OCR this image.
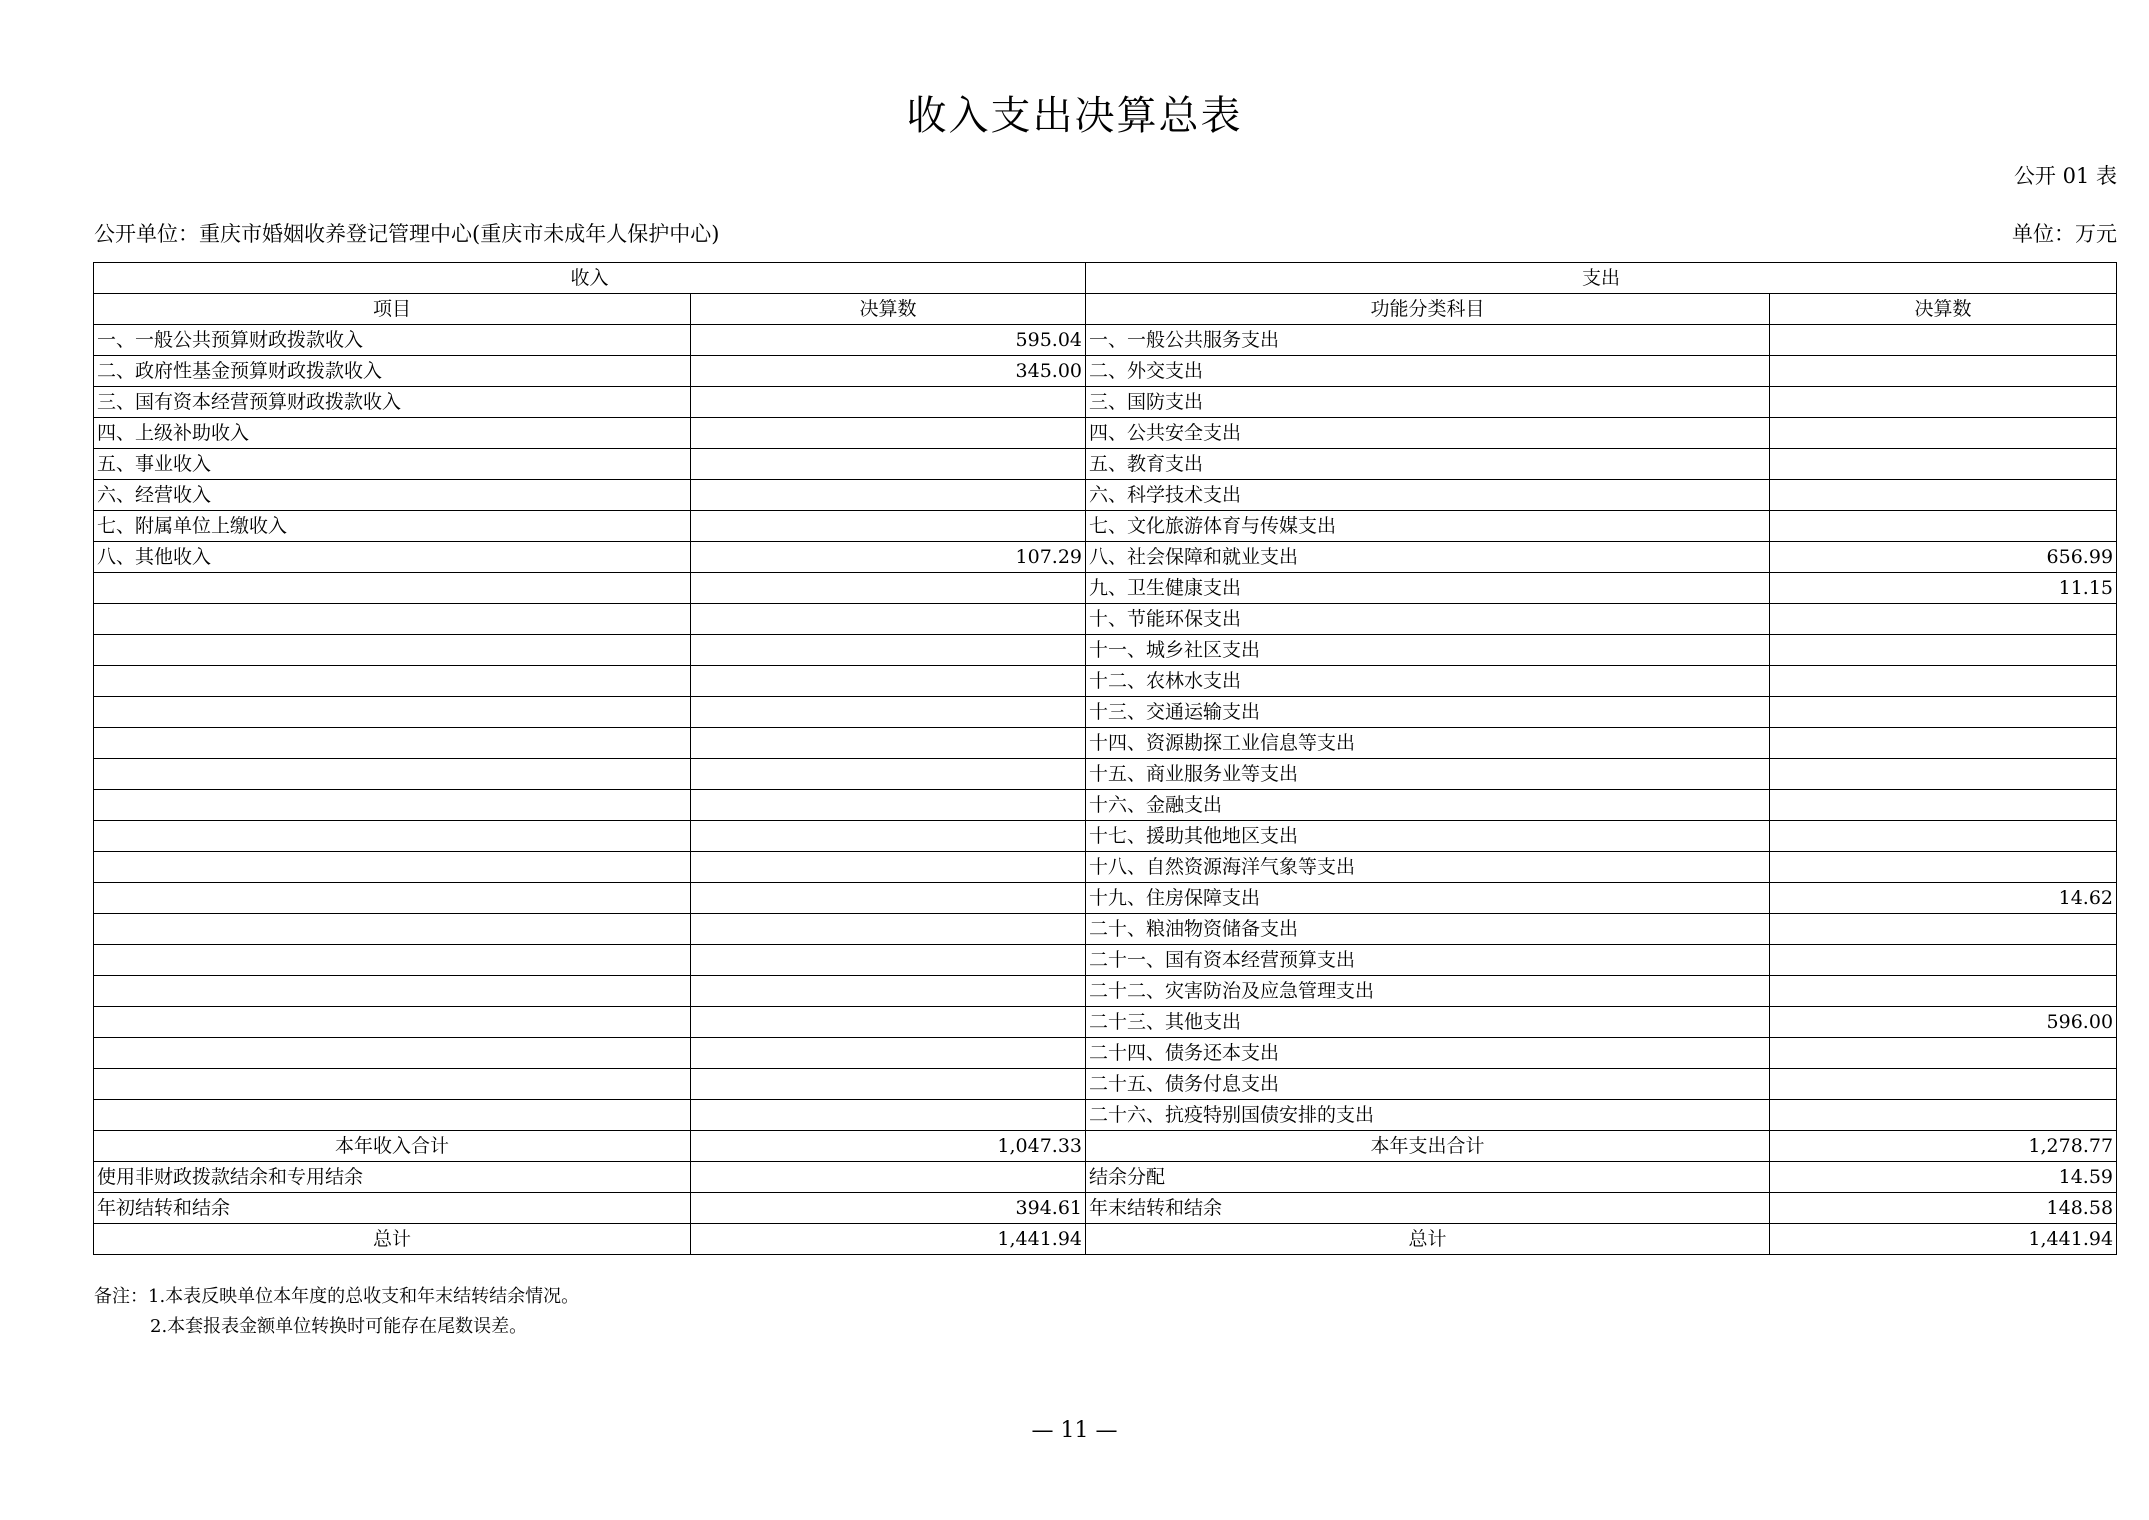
收入支出决算总表
公开 01 表
公开单位：重庆市婚姻收养登记管理中心(重庆市未成年人保护中心)	单位：万元
收入		支出	
项目	决算数	功能分类科目	决算数
一、一般公共预算财政拨款收入	595.04	一、一般公共服务支出	
二、政府性基金预算财政拨款收入	345.00	二、外交支出	
三、国有资本经营预算财政拨款收入		三、国防支出	
四、上级补助收入		四、公共安全支出	
五、事业收入		五、教育支出	
六、经营收入		六、科学技术支出	
七、附属单位上缴收入		七、文化旅游体育与传媒支出	
八、其他收入	107.29	八、社会保障和就业支出	656.99
		九、卫生健康支出	11.15
		十、节能环保支出	
		十一、城乡社区支出	
		十二、农林水支出	
		十三、交通运输支出	
		十四、资源勘探工业信息等支出	
		十五、商业服务业等支出	
		十六、金融支出	
		十七、援助其他地区支出	
		十八、自然资源海洋气象等支出	
		十九、住房保障支出	14.62
		二十、粮油物资储备支出	
		二十一、国有资本经营预算支出	
		二十二、灾害防治及应急管理支出	
		二十三、其他支出	596.00
		二十四、债务还本支出	
		二十五、债务付息支出	
		二十六、抗疫特别国债安排的支出	
本年收入合计	1,047.33	本年支出合计	1,278.77
使用非财政拨款结余和专用结余		结余分配	14.59
年初结转和结余	394.61	年末结转和结余	148.58
总计	1,441.94	总计	1,441.94
备注：1.本表反映单位本年度的总收支和年末结转结余情况。
2.本套报表金额单位转换时可能存在尾数误差。
— 11 —
